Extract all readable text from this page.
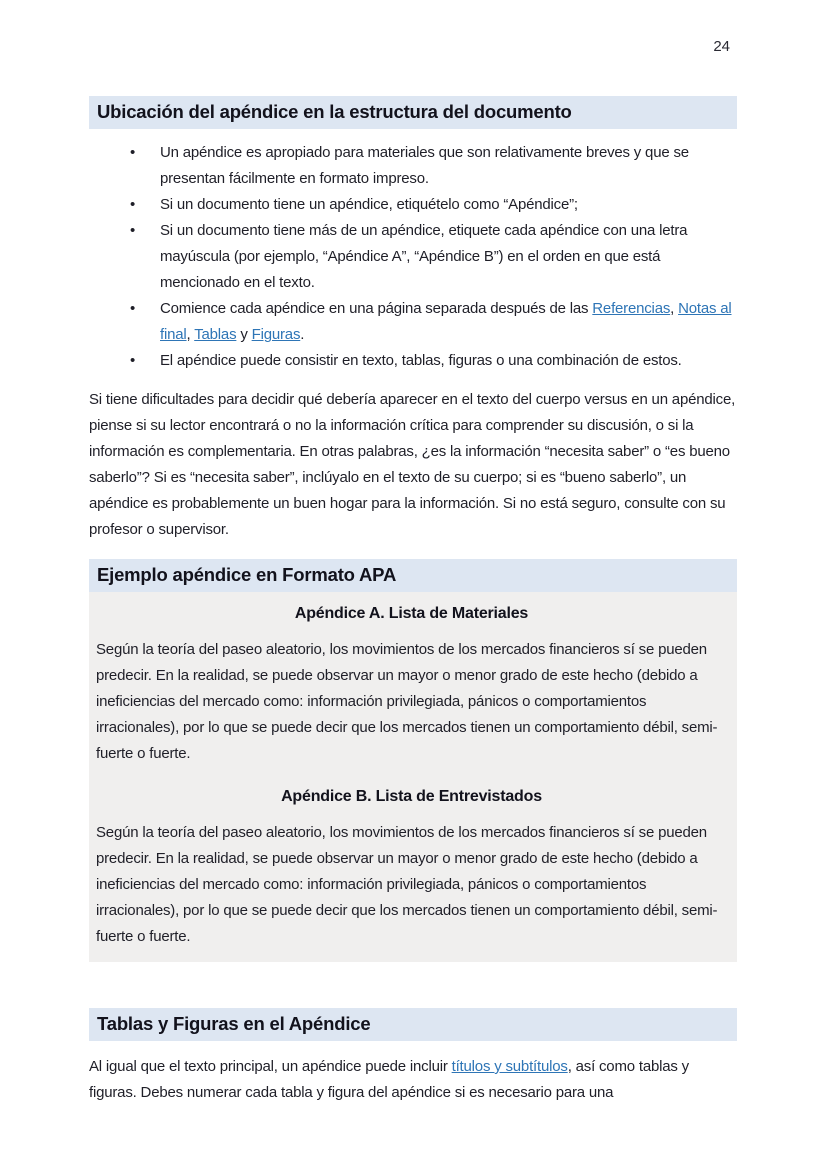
24
Ubicación del apéndice en la estructura del documento
• Un apéndice es apropiado para materiales que son relativamente breves y que se presentan fácilmente en formato impreso.
• Si un documento tiene un apéndice, etiquételo como “Apéndice”;
• Si un documento tiene más de un apéndice, etiquete cada apéndice con una letra mayúscula (por ejemplo, “Apéndice A”, “Apéndice B”) en el orden en que está mencionado en el texto.
• Comience cada apéndice en una página separada después de las Referencias, Notas al final, Tablas y Figuras.
• El apéndice puede consistir en texto, tablas, figuras o una combinación de estos.

Si tiene dificultades para decidir qué debería aparecer en el texto del cuerpo versus en un apéndice, piense si su lector encontrará o no la información crítica para comprender su discusión, o si la información es complementaria. En otras palabras, ¿es la información “necesita saber” o “es bueno saberlo”? Si es “necesita saber”, inclúyalo en el texto de su cuerpo; si es “bueno saberlo”, un apéndice es probablemente un buen hogar para la información. Si no está seguro, consulte con su profesor o supervisor.

Ejemplo apéndice en Formato APA
Apéndice A. Lista de Materiales

Según la teoría del paseo aleatorio, los movimientos de los mercados financieros sí se pueden predecir. En la realidad, se puede observar un mayor o menor grado de este hecho (debido a ineficiencias del mercado como: información privilegiada, pánicos o comportamientos irracionales), por lo que se puede decir que los mercados tienen un comportamiento débil, semi-fuerte o fuerte.

Apéndice B. Lista de Entrevistados

Según la teoría del paseo aleatorio, los movimientos de los mercados financieros sí se pueden predecir. En la realidad, se puede observar un mayor o menor grado de este hecho (debido a ineficiencias del mercado como: información privilegiada, pánicos o comportamientos irracionales), por lo que se puede decir que los mercados tienen un comportamiento débil, semi-fuerte o fuerte.

Tablas y Figuras en el Apéndice

Al igual que el texto principal, un apéndice puede incluir títulos y subtítulos, así como tablas y figuras. Debes numerar cada tabla y figura del apéndice si es necesario para una
